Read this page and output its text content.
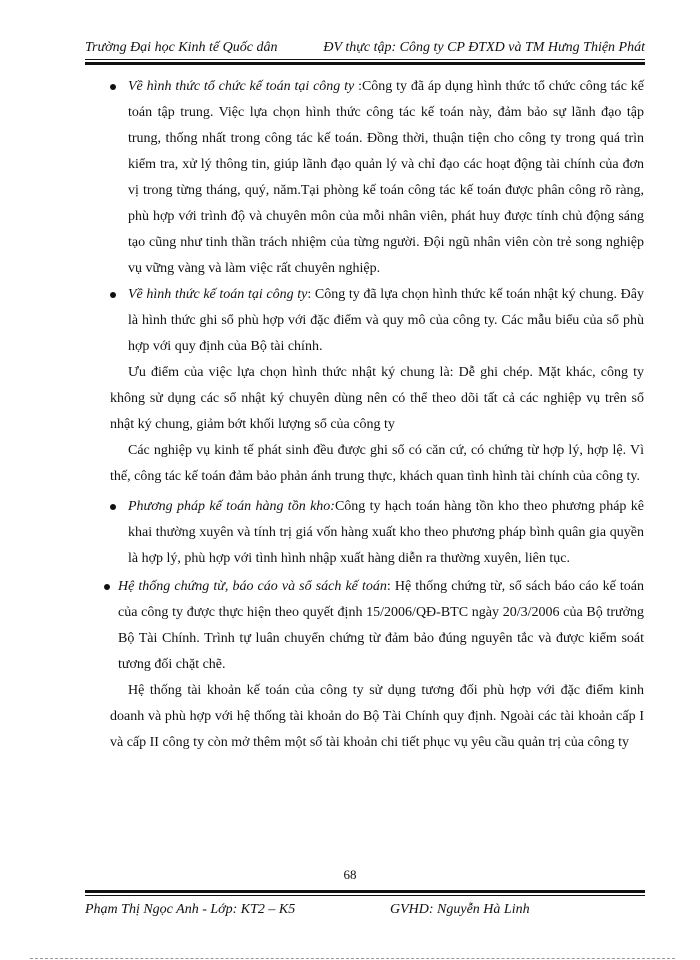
Trường Đại học Kinh tế Quốc dân	ĐV thực tập: Công ty CP ĐTXD và TM Hưng Thiện Phát
Về hình thức tổ chức kế toán tại công ty :Công ty đã áp dụng hình thức tổ chức công tác kế toán tập trung. Việc lựa chọn hình thức công tác kế toán này, đảm bảo sự lãnh đạo tập trung, thống nhất trong công tác kế toán. Đồng thời, thuận tiện cho công ty trong quá trìn kiểm tra, xử lý thông tin, giúp lãnh đạo quản lý và chỉ đạo các hoạt động tài chính của đơn vị trong từng tháng, quý, năm.Tại phòng kế toán công tác kế toán được phân công rõ ràng, phù hợp với trình độ và chuyên môn của mỗi nhân viên, phát huy được tính chủ động sáng tạo cũng như tinh thần trách nhiệm của từng người. Đội ngũ nhân viên còn trẻ song nghiệp vụ vững vàng và làm việc rất chuyên nghiệp.
Về hình thức kế toán tại công ty: Công ty đã lựa chọn hình thức kế toán nhật ký chung. Đây là hình thức ghi sổ phù hợp với đặc điểm và quy mô của công ty. Các mẫu biểu của sổ phù hợp với quy định của Bộ tài chính.
Ưu điểm của việc lựa chọn hình thức nhật ký chung là: Dễ ghi chép. Mặt khác, công ty không sử dụng các sổ nhật ký chuyên dùng nên có thể theo dõi tất cả các nghiệp vụ trên sổ nhật ký chung, giảm bớt khối lượng sổ của công ty
Các nghiệp vụ kinh tế phát sinh đều được ghi sổ có căn cứ, có chứng từ hợp lý, hợp lệ. Vì thế, công tác kế toán đảm bảo phản ánh trung thực, khách quan tình hình tài chính của công ty.
Phương pháp kế toán hàng tồn kho:Công ty hạch toán hàng tồn kho theo phương pháp kê khai thường xuyên và tính trị giá vốn hàng xuất kho theo phương pháp bình quân gia quyền là hợp lý, phù hợp với tình hình nhập xuất hàng diễn ra thường xuyên, liên tục.
Hệ thống chứng từ, báo cáo và sổ sách kế toán: Hệ thống chứng từ, sổ sách báo cáo kế toán của công ty được thực hiện theo quyết định 15/2006/QĐ-BTC ngày 20/3/2006 của Bộ trưởng Bộ Tài Chính. Trình tự luân chuyển chứng từ đảm bảo đúng nguyên tắc và được kiểm soát tương đối chặt chẽ.
Hệ thống tài khoản kế toán của công ty sử dụng tương đối phù hợp với đặc điểm kinh doanh và phù hợp với hệ thống tài khoản do Bộ Tài Chính quy định. Ngoài các tài khoản cấp I và cấp II công ty còn mở thêm một số tài khoản chi tiết phục vụ yêu cầu quản trị của công ty
68
Phạm Thị Ngọc Anh - Lớp: KT2 – K5	GVHD: Nguyễn Hà Linh
